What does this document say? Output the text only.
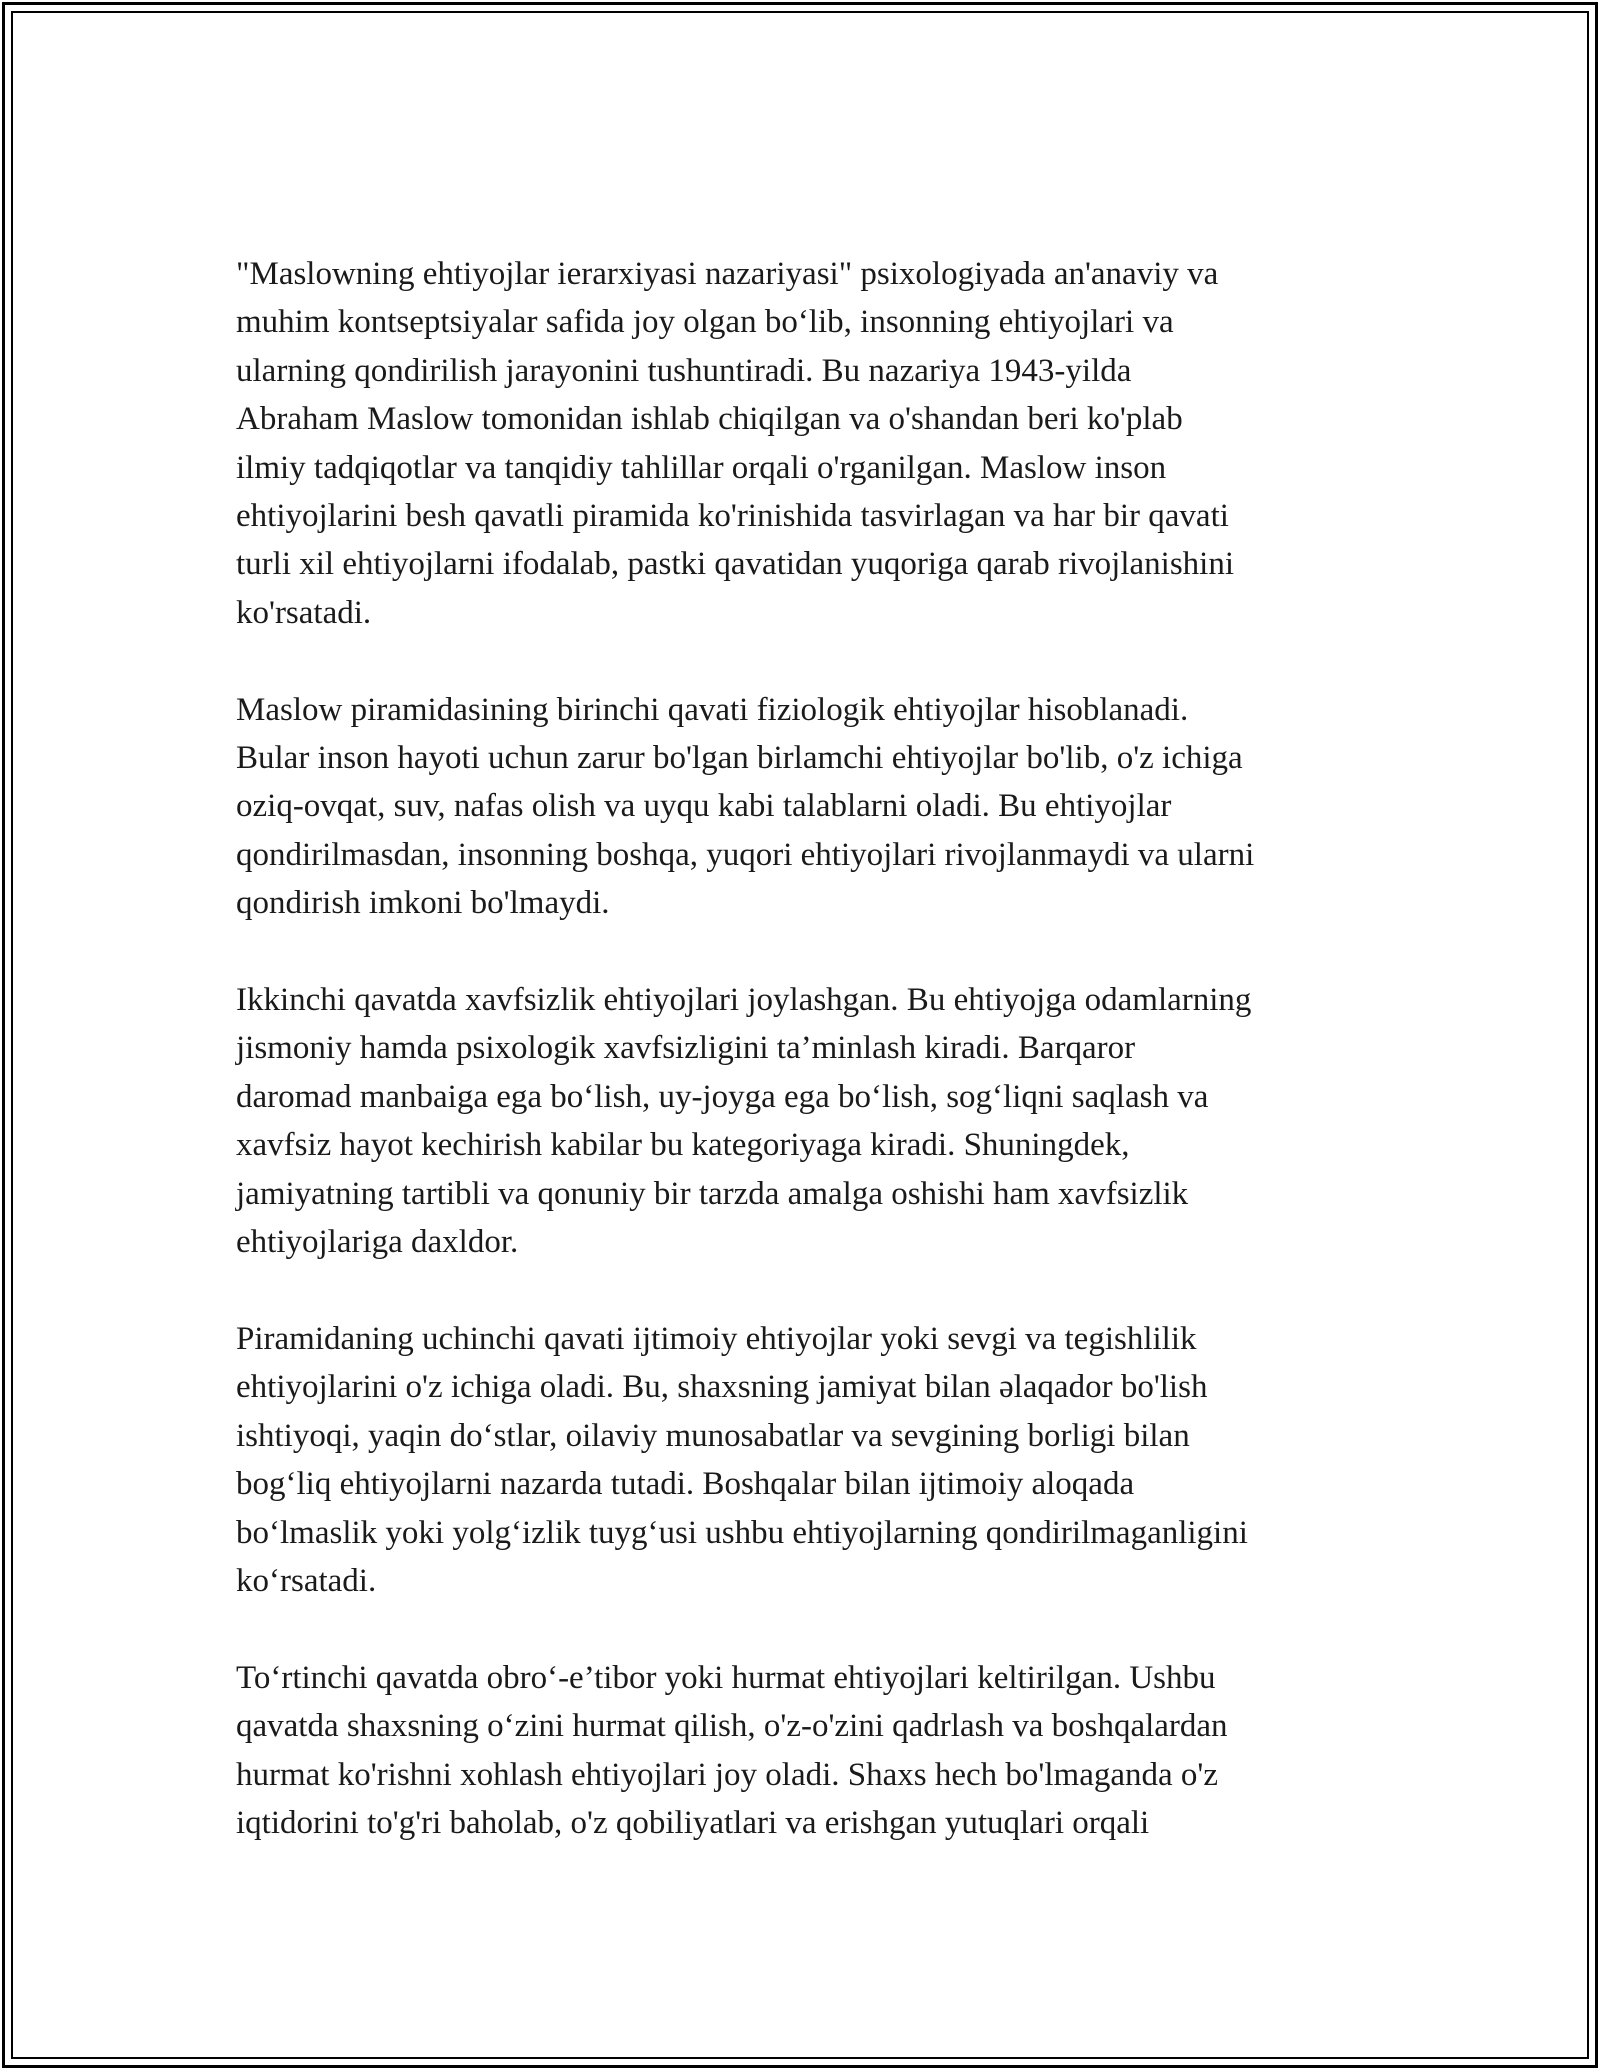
"Maslowning ehtiyojlar ierarxiyasi nazariyasi" psixologiyada an'anaviy va
muhim kontseptsiyalar safida joy olgan bo‘lib, insonning ehtiyojlari va
ularning qondirilish jarayonini tushuntiradi. Bu nazariya 1943-yilda
Abraham Maslow tomonidan ishlab chiqilgan va o'shandan beri ko'plab
ilmiy tadqiqotlar va tanqidiy tahlillar orqali o'rganilgan. Maslow inson
ehtiyojlarini besh qavatli piramida ko'rinishida tasvirlagan va har bir qavati
turli xil ehtiyojlarni ifodalab, pastki qavatidan yuqoriga qarab rivojlanishini
ko'rsatadi.

Maslow piramidasining birinchi qavati fiziologik ehtiyojlar hisoblanadi.
Bular inson hayoti uchun zarur bo'lgan birlamchi ehtiyojlar bo'lib, o'z ichiga
oziq-ovqat, suv, nafas olish va uyqu kabi talablarni oladi. Bu ehtiyojlar
qondirilmasdan, insonning boshqa, yuqori ehtiyojlari rivojlanmaydi va ularni
qondirish imkoni bo'lmaydi.

Ikkinchi qavatda xavfsizlik ehtiyojlari joylashgan. Bu ehtiyojga odamlarning
jismoniy hamda psixologik xavfsizligini ta’minlash kiradi. Barqaror
daromad manbaiga ega bo‘lish, uy-joyga ega bo‘lish, sog‘liqni saqlash va
xavfsiz hayot kechirish kabilar bu kategoriyaga kiradi. Shuningdek,
jamiyatning tartibli va qonuniy bir tarzda amalga oshishi ham xavfsizlik
ehtiyojlariga daxldor.

Piramidaning uchinchi qavati ijtimoiy ehtiyojlar yoki sevgi va tegishlilik
ehtiyojlarini o'z ichiga oladi. Bu, shaxsning jamiyat bilan əlaqador bo'lish
ishtiyoqi, yaqin do‘stlar, oilaviy munosabatlar va sevgining borligi bilan
bog‘liq ehtiyojlarni nazarda tutadi. Boshqalar bilan ijtimoiy aloqada
bo‘lmaslik yoki yolg‘izlik tuyg‘usi ushbu ehtiyojlarning qondirilmaganligini
ko‘rsatadi.

To‘rtinchi qavatda obro‘-e’tibor yoki hurmat ehtiyojlari keltirilgan. Ushbu
qavatda shaxsning o‘zini hurmat qilish, o'z-o'zini qadrlash va boshqalardan
hurmat ko'rishni xohlash ehtiyojlari joy oladi. Shaxs hech bo'lmaganda o'z
iqtidorini to'g'ri baholab, o'z qobiliyatlari va erishgan yutuqlari orqali
